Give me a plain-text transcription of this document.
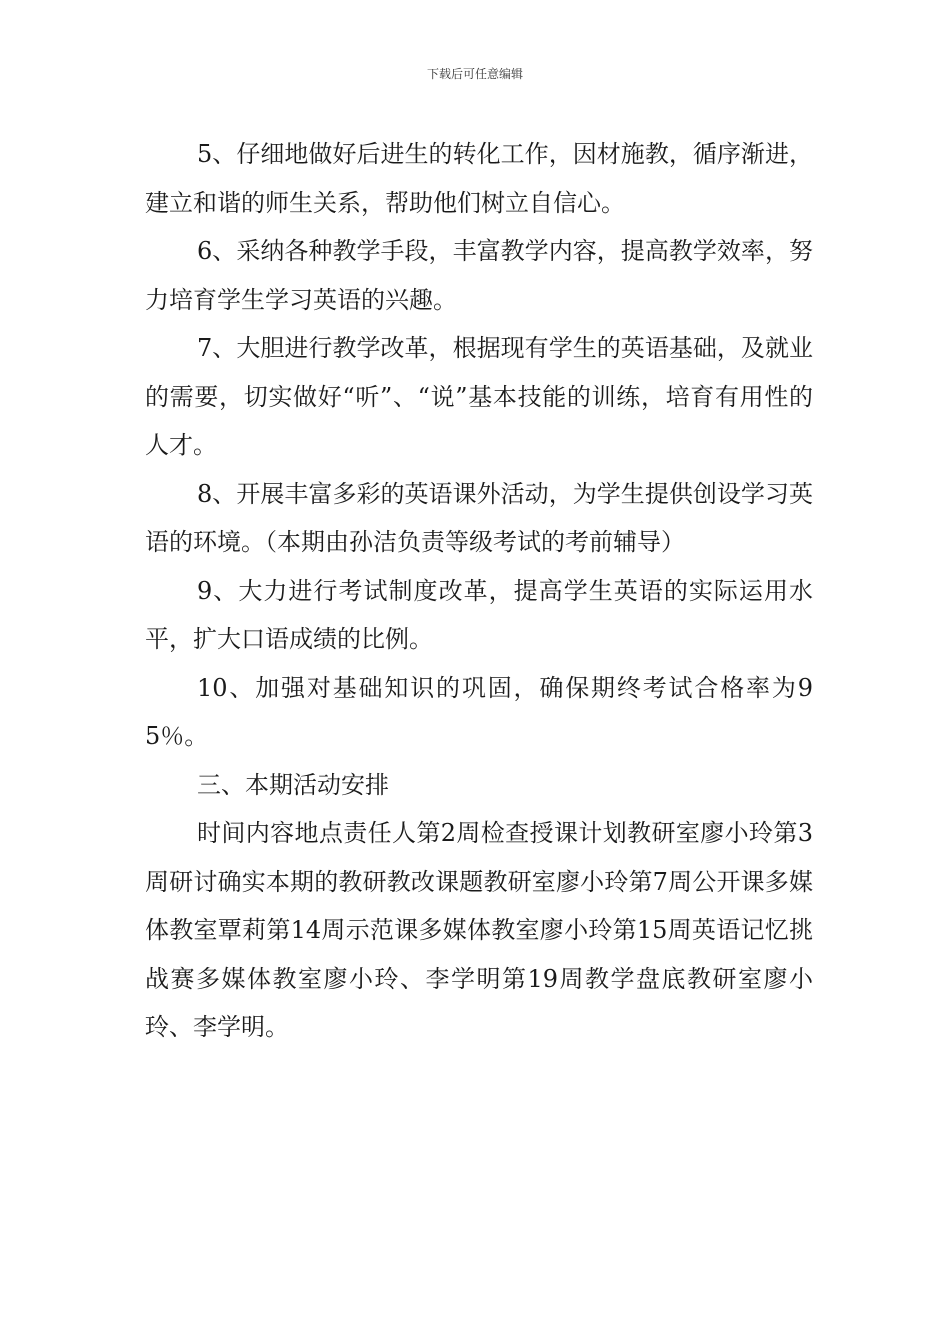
下载后可任意编辑

5、仔细地做好后进生的转化工作，因材施教，循序渐进，建立和谐的师生关系，帮助他们树立自信心。

6、采纳各种教学手段，丰富教学内容，提高教学效率，努力培育学生学习英语的兴趣。

7、大胆进行教学改革，根据现有学生的英语基础，及就业的需要，切实做好“听”、“说”基本技能的训练，培育有用性的人才。

8、开展丰富多彩的英语课外活动，为学生提供创设学习英语的环境。（本期由孙洁负责等级考试的考前辅导）

9、大力进行考试制度改革，提高学生英语的实际运用水平，扩大口语成绩的比例。

10、加强对基础知识的巩固，确保期终考试合格率为95％。

三、本期活动安排

时间内容地点责任人第2周检查授课计划教研室廖小玲第3周研讨确实本期的教研教改课题教研室廖小玲第7周公开课多媒体教室覃莉第14周示范课多媒体教室廖小玲第15周英语记忆挑战赛多媒体教室廖小玲、李学明第19周教学盘底教研室廖小玲、李学明。
